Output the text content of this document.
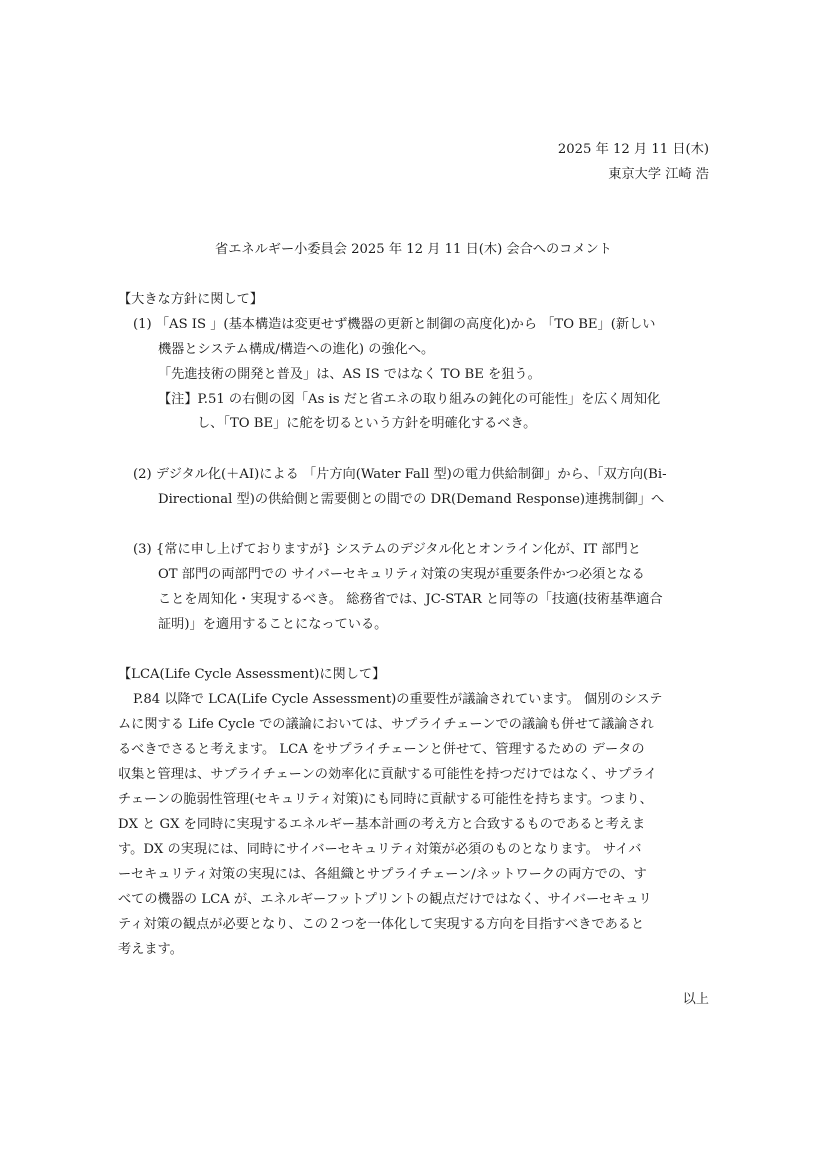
2025 年 12 月 11 日(木)
東京大学 江崎 浩
省エネルギー小委員会 2025 年 12 月 11 日(木) 会合へのコメント
【大きな方針に関して】
(1) 「AS IS 」(基本構造は変更せず機器の更新と制御の高度化)から 「TO BE」(新しい
機器とシステム構成/構造への進化) の強化へ。
「先進技術の開発と普及」は、AS IS ではなく TO BE を狙う。
【注】P.51 の右側の図「As is だと省エネの取り組みの鈍化の可能性」を広く周知化
し、「TO BE」に舵を切るという方針を明確化するべき。
(2) デジタル化(＋AI)による 「片方向(Water Fall 型)の電力供給制御」から、「双方向(Bi-
Directional 型)の供給側と需要側との間での DR(Demand Response)連携制御」へ
(3) {常に申し上げておりますが} システムのデジタル化とオンライン化が、IT 部門と
OT 部門の両部門での サイバーセキュリティ対策の実現が重要条件かつ必須となる
ことを周知化・実現するべき。 総務省では、JC-STAR と同等の「技適(技術基準適合
証明)」を適用することになっている。
【LCA(Life Cycle Assessment)に関して】
P.84 以降で LCA(Life Cycle Assessment)の重要性が議論されています。 個別のシステ
ムに関する Life Cycle での議論においては、サプライチェーンでの議論も併せて議論され
るべきでさると考えます。 LCA をサプライチェーンと併せて、管理するための データの
収集と管理は、サプライチェーンの効率化に貢献する可能性を持つだけではなく、サプライ
チェーンの脆弱性管理(セキュリティ対策)にも同時に貢献する可能性を持ちます。つまり、
DX と GX を同時に実現するエネルギー基本計画の考え方と合致するものであると考えま
す。DX の実現には、同時にサイバーセキュリティ対策が必須のものとなります。 サイバ
ーセキュリティ対策の実現には、各組織とサプライチェーン/ネットワークの両方での、す
べての機器の LCA が、エネルギーフットプリントの観点だけではなく、サイバーセキュリ
ティ対策の観点が必要となり、この２つを一体化して実現する方向を目指すべきであると
考えます。
以上
